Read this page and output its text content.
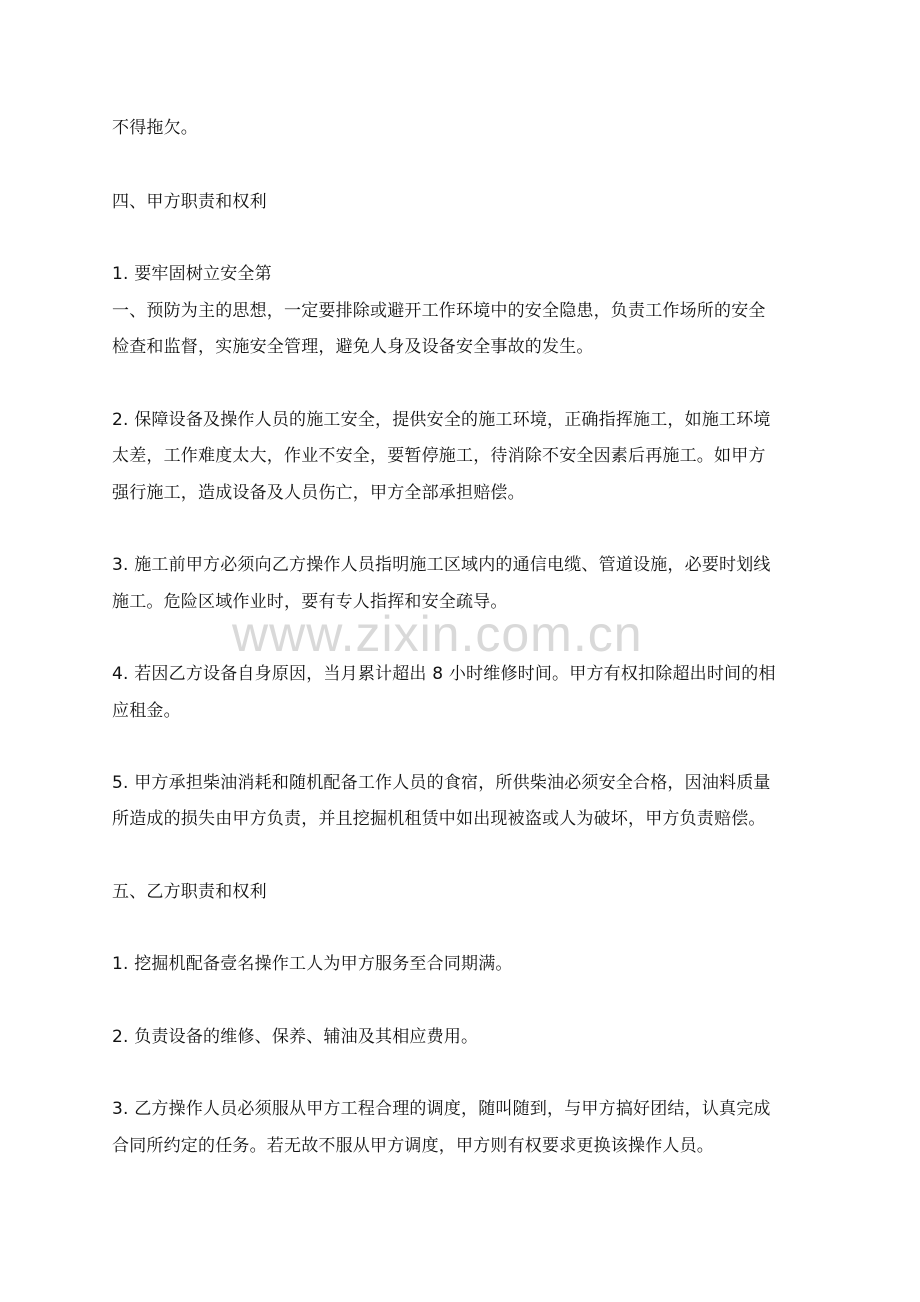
不得拖欠。
四、甲方职责和权利
1. 要牢固树立安全第
一、预防为主的思想，一定要排除或避开工作环境中的安全隐患，负责工作场所的安全
检查和监督，实施安全管理，避免人身及设备安全事故的发生。
2. 保障设备及操作人员的施工安全，提供安全的施工环境，正确指挥施工，如施工环境
太差，工作难度太大，作业不安全，要暂停施工，待消除不安全因素后再施工。如甲方
强行施工，造成设备及人员伤亡，甲方全部承担赔偿。
3. 施工前甲方必须向乙方操作人员指明施工区域内的通信电缆、管道设施，必要时划线
施工。危险区域作业时，要有专人指挥和安全疏导。
4. 若因乙方设备自身原因，当月累计超出 8 小时维修时间。甲方有权扣除超出时间的相
应租金。
5. 甲方承担柴油消耗和随机配备工作人员的食宿，所供柴油必须安全合格，因油料质量
所造成的损失由甲方负责，并且挖掘机租赁中如出现被盗或人为破坏，甲方负责赔偿。
五、乙方职责和权利
1. 挖掘机配备壹名操作工人为甲方服务至合同期满。
2. 负责设备的维修、保养、辅油及其相应费用。
3. 乙方操作人员必须服从甲方工程合理的调度，随叫随到，与甲方搞好团结，认真完成
合同所约定的任务。若无故不服从甲方调度，甲方则有权要求更换该操作人员。
www.zixin.com.cn
